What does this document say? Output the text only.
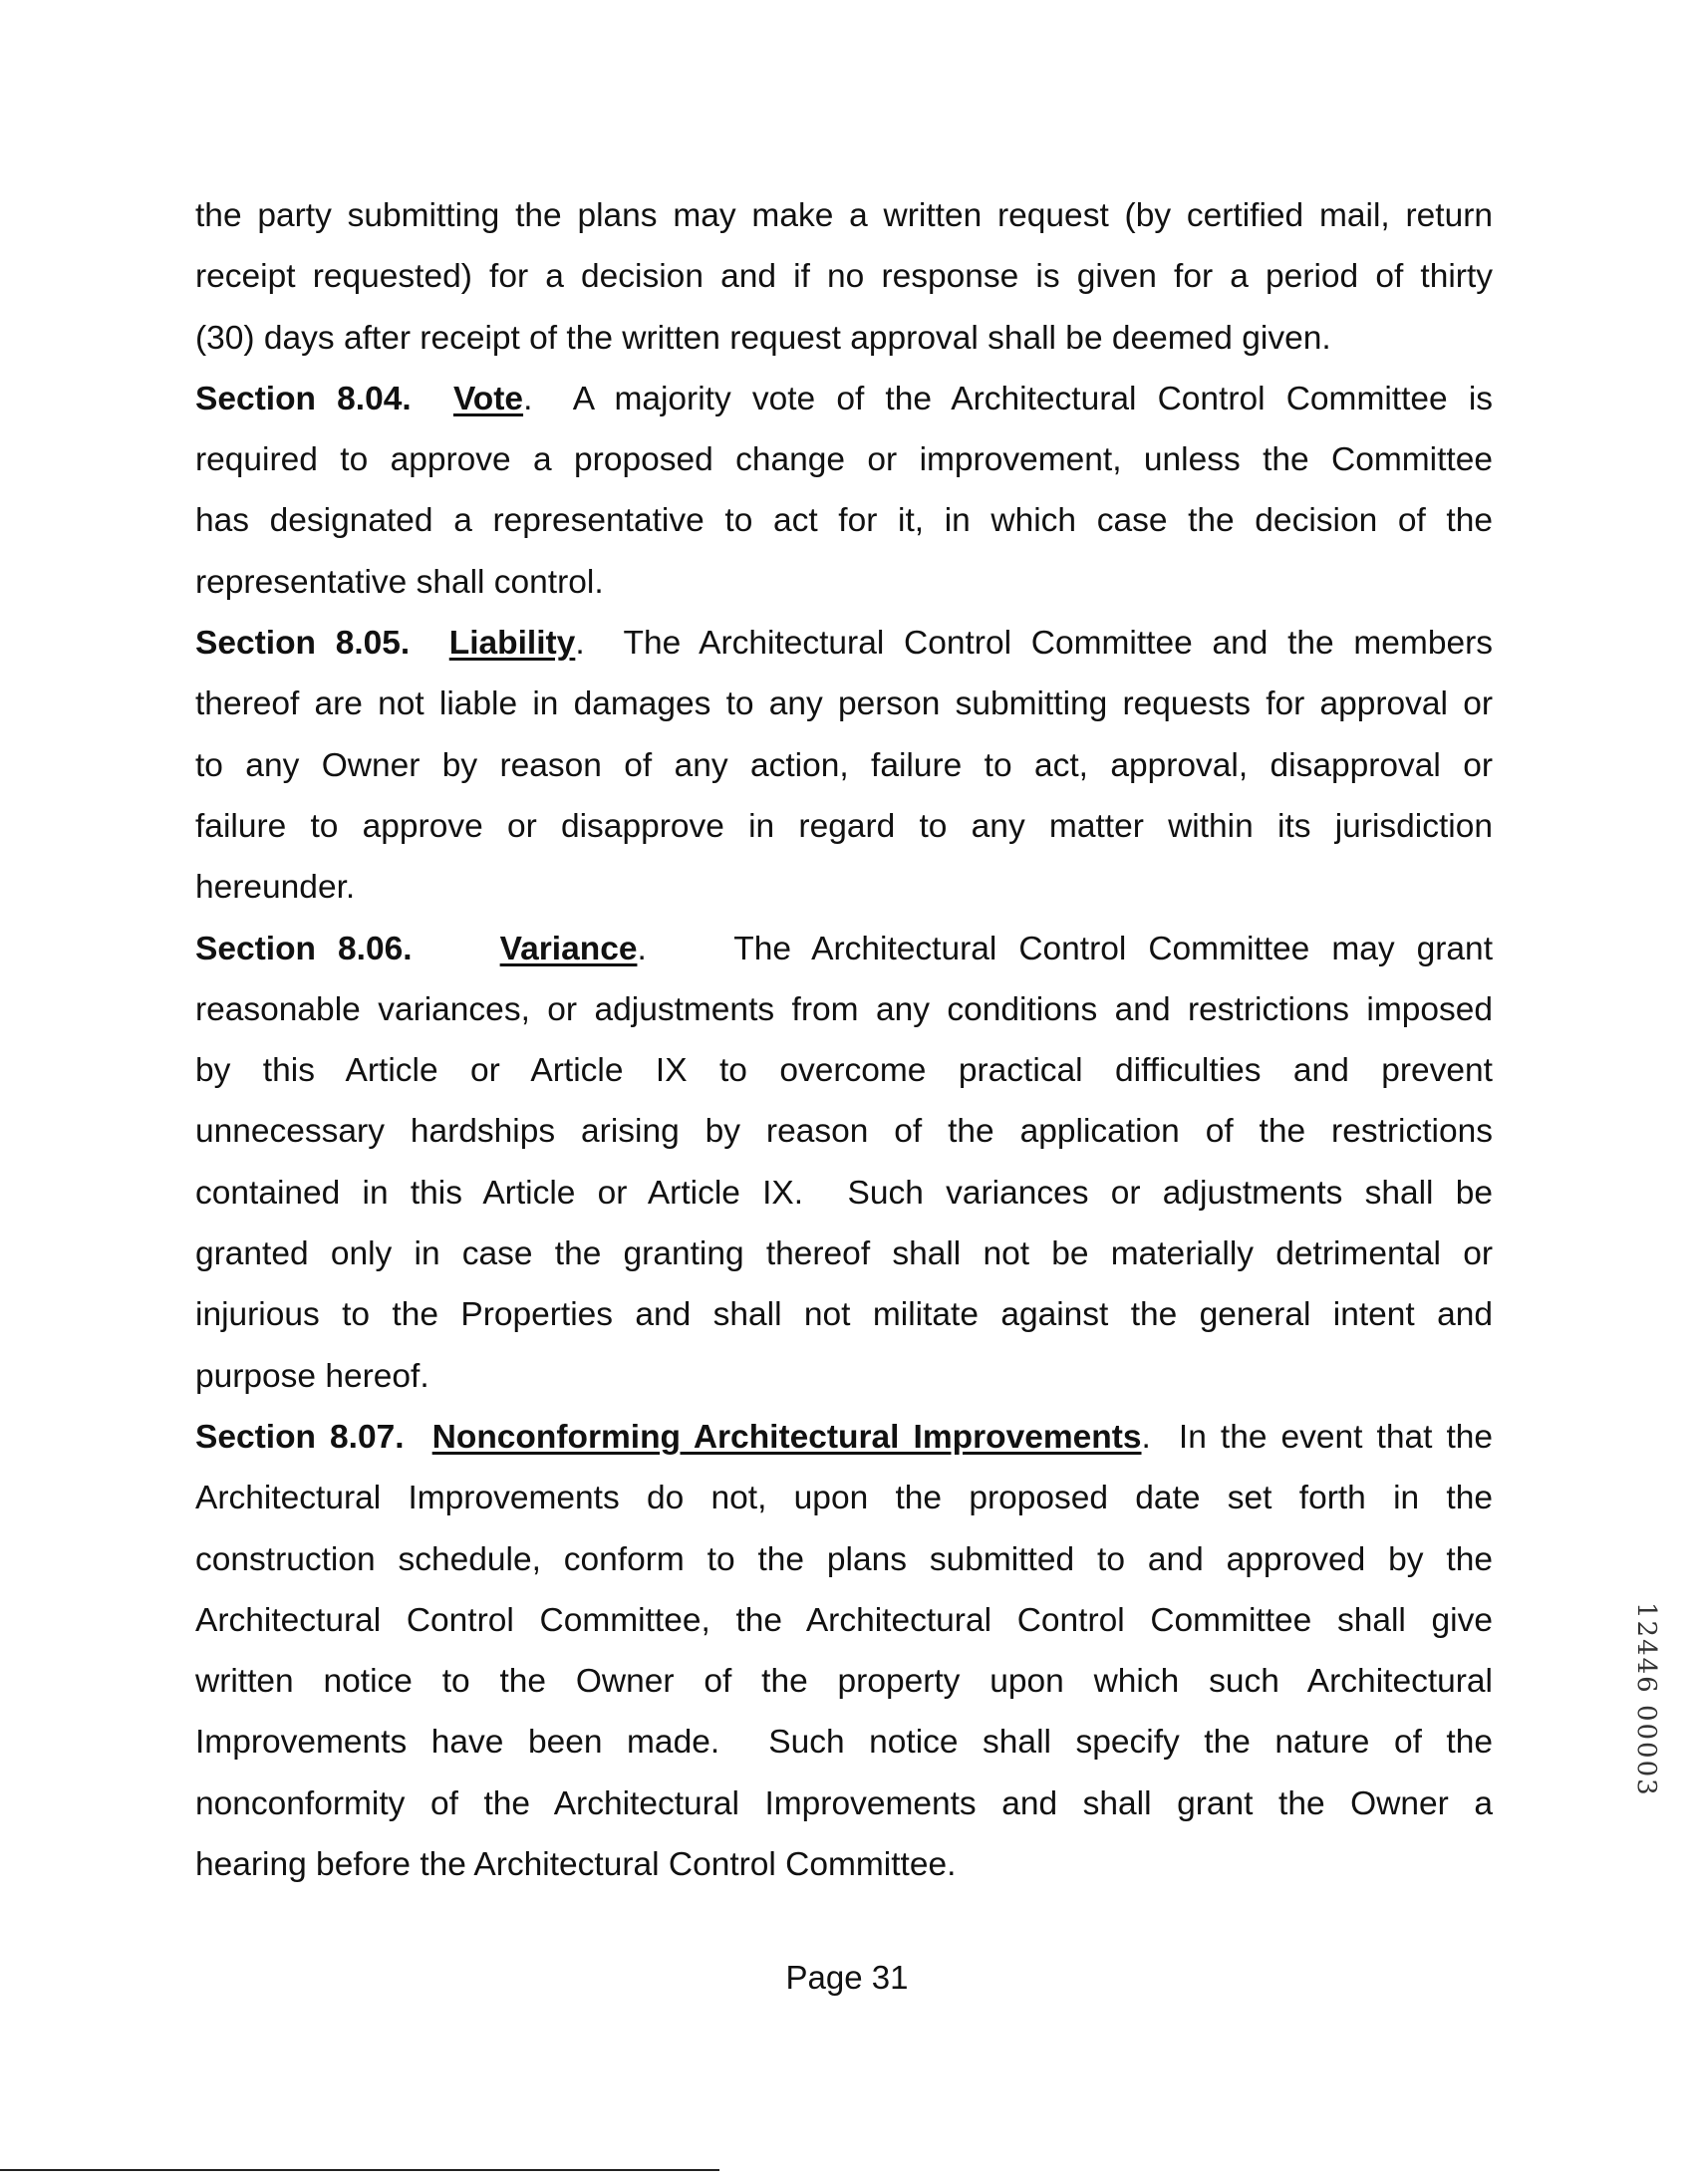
the party submitting the plans may make a written request (by certified mail, return
receipt requested) for a decision and if no response is given for a period of thirty
(30) days after receipt of the written request approval shall be deemed given.
Section 8.04. Vote.  A majority vote of the Architectural Control Committee is
required to approve a proposed change or improvement, unless the Committee
has designated a representative to act for it, in which case the decision of the
representative shall control.
Section 8.05. Liability.  The Architectural Control Committee and the members
thereof are not liable in damages to any person submitting requests for approval or
to any Owner by reason of any action, failure to act, approval, disapproval or
failure to approve or disapprove in regard to any matter within its jurisdiction
hereunder.
Section 8.06.	Variance.    The Architectural Control Committee may grant
reasonable variances, or adjustments from any conditions and restrictions imposed
by this Article or Article IX to overcome practical difficulties and prevent
unnecessary hardships arising by reason of the application of the restrictions
contained in this Article or Article IX.  Such variances or adjustments shall be
granted only in case the granting thereof shall not be materially detrimental or
injurious to the Properties and shall not militate against the general intent and
purpose hereof.
Section 8.07. Nonconforming Architectural Improvements.  In the event that the
Architectural Improvements do not, upon the proposed date set forth in the
construction schedule, conform to the plans submitted to and approved by the
Architectural Control Committee, the Architectural Control Committee shall give
written notice to the Owner of the property upon which such Architectural
Improvements have been made.  Such notice shall specify the nature of the
nonconformity of the Architectural Improvements and shall grant the Owner a
hearing before the Architectural Control Committee.
Page 31
12446 00003
